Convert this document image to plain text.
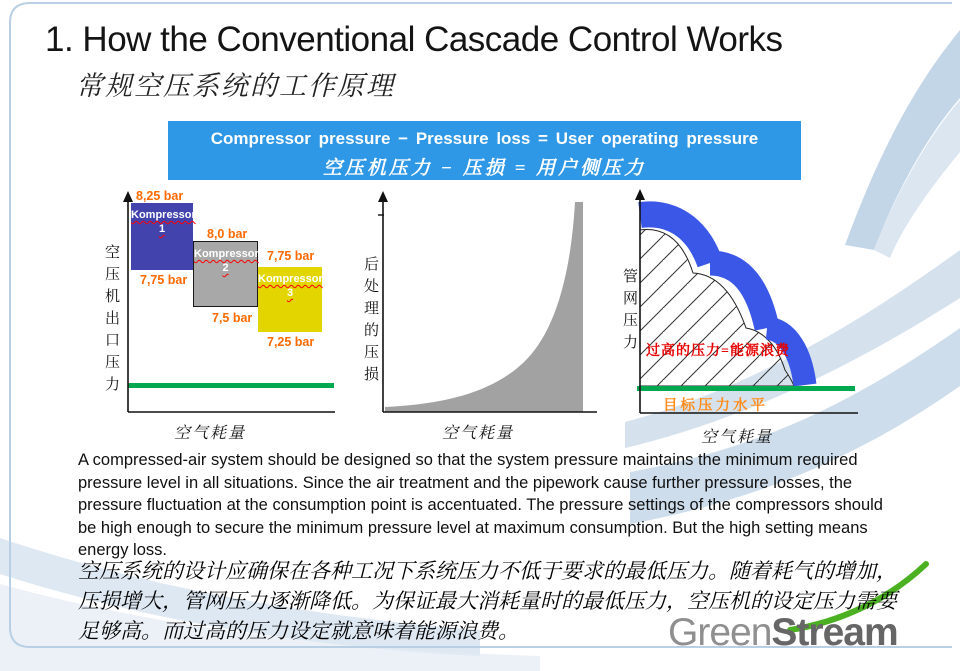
1. How the Conventional Cascade Control Works
常规空压系统的工作原理
Compressor pressure − Pressure loss = User operating pressure
空压机压力 − 压损 = 用户侧压力
空压机出口压力
Kompressor
1
Kompressor
2
Kompressor
3
8,25 bar
7,75 bar
8,0 bar
7,5 bar
7,75 bar
7,25 bar
空气耗量
后处理的压损
空气耗量
管网压力 过高的压力=能源浪费
目标压力水平
空气耗量
A compressed-air system should be designed so that the system pressure maintains the minimum required pressure level in all situations. Since the air treatment and the pipework cause further pressure losses, the pressure fluctuation at the consumption point is accentuated. The pressure settings of the compressors should be high enough to secure the minimum pressure level at maximum consumption. But the high setting means energy loss.
空压系统的设计应确保在各种工况下系统压力不低于要求的最低压力。随着耗气的增加，压损增大，管网压力逐渐降低。为保证最大消耗量时的最低压力，空压机的设定压力需要足够高。而过高的压力设定就意味着能源浪费。	GreenStream
